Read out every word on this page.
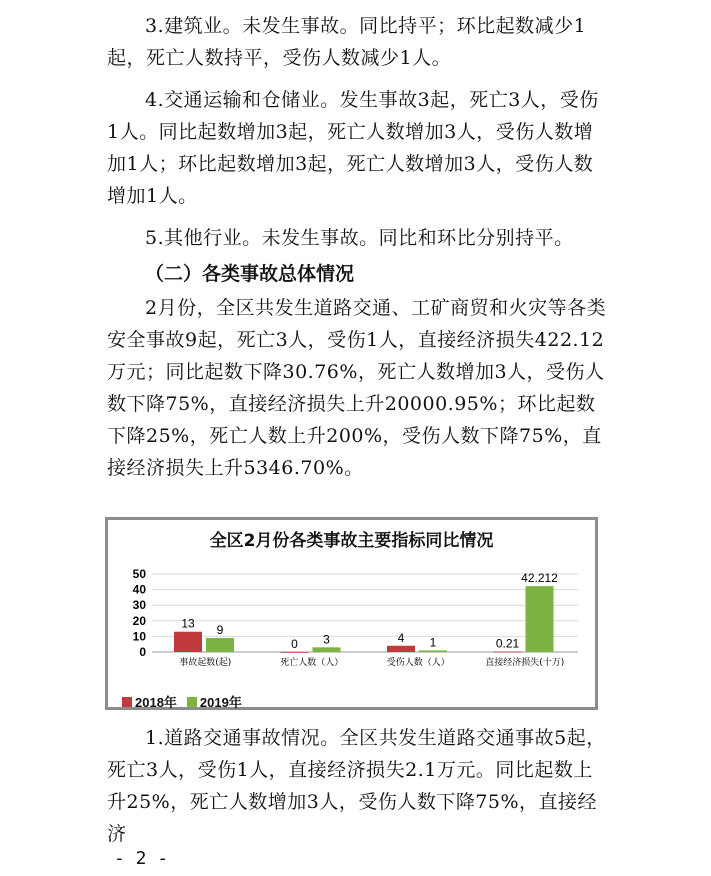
3.建筑业。未发生事故。同比持平；环比起数减少1起，死亡人数持平，受伤人数减少1人。

4.交通运输和仓储业。发生事故3起，死亡3人，受伤1人。同比起数增加3起，死亡人数增加3人，受伤人数增加1人；环比起数增加3起，死亡人数增加3人，受伤人数增加1人。

5.其他行业。未发生事故。同比和环比分别持平。

（二）各类事故总体情况

2月份，全区共发生道路交通、工矿商贸和火灾等各类安全事故9起，死亡3人，受伤1人，直接经济损失422.12万元；同比起数下降30.76%，死亡人数增加3人，受伤人数下降75%，直接经济损失上升20000.95%；环比起数下降25%，死亡人数上升200%，受伤人数下降75%，直接经济损失上升5346.70%。

全区2月份各类事故主要指标同比情况
0
10
20
30
40
50
13 9
事故起数(起)
0 3
死亡人数（人）
4 1
受伤人数（人）
0.21
42.212
直接经济损失(十万)
2018年 2019年

1.道路交通事故情况。全区共发生道路交通事故5起，死亡3人，受伤1人，直接经济损失2.1万元。同比起数上升25%，死亡人数增加3人，受伤人数下降75%，直接经济

- 2 -
